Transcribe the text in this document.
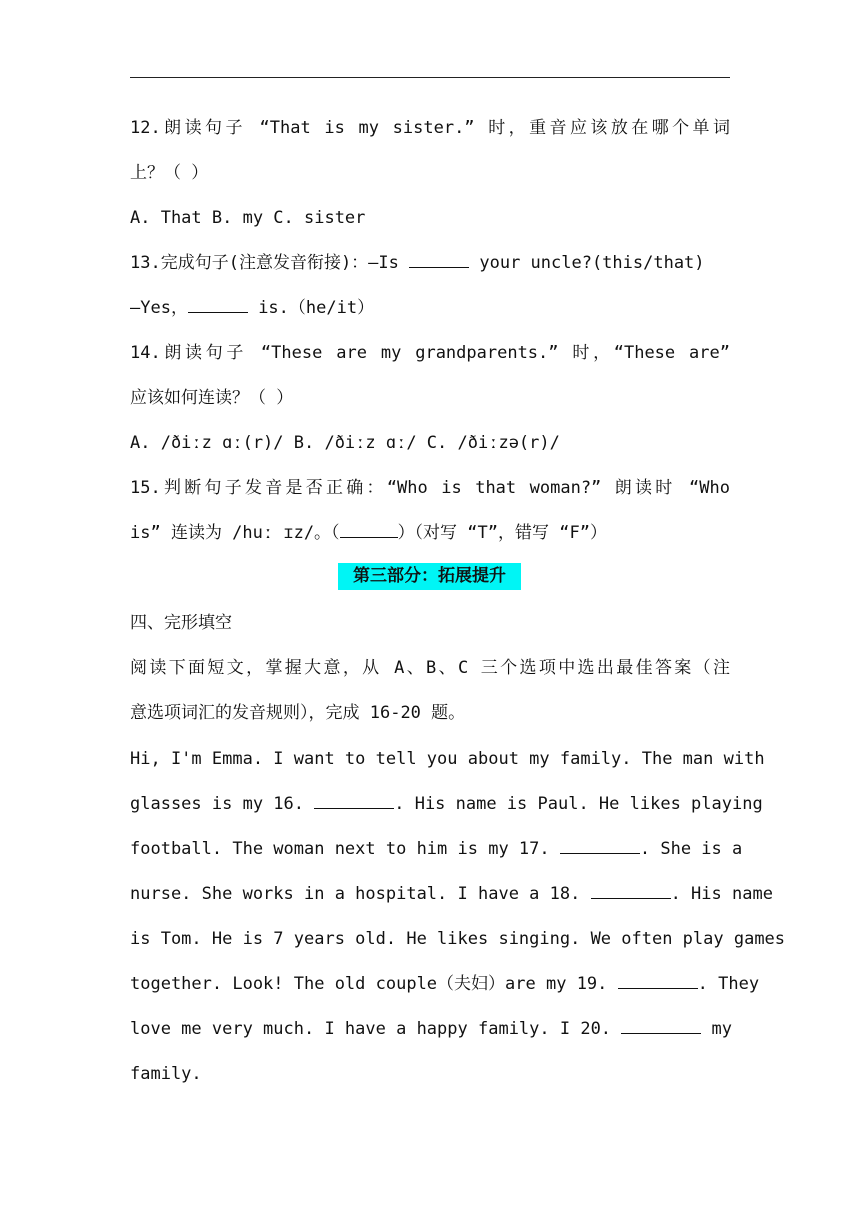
12.朗读句子 “That is my sister.” 时，重音应该放在哪个单词
上？（ ）
A. That B. my C. sister
13.完成句子(注意发音衔接)：—Is	your uncle?(this/that)
—Yes，	is.（he/it）
14.朗读句子 “These are my grandparents.” 时，“These are”
应该如何连读？（ ）
A. /ðiːz ɑː(r)/ B. /ðiːz ɑː/ C. /ðiːzə(r)/
15.判断句子发音是否正确：“Who is that woman?” 朗读时 “Who
is” 连读为 /huː ɪz/。（	）（对写 “T”，错写 “F”）
第三部分：拓展提升
四、完形填空
阅读下面短文，掌握大意，从 A、B、C 三个选项中选出最佳答案（注
意选项词汇的发音规则），完成 16-20 题。
Hi, I'm Emma. I want to tell you about my family. The man with
glasses is my 16.	. His name is Paul. He likes playing
football. The woman next to him is my 17.	. She is a
nurse. She works in a hospital. I have a 18.	. His name
is Tom. He is 7 years old. He likes singing. We often play games
together. Look! The old couple（夫妇）are my 19.	. They
love me very much. I have a happy family. I 20.	my
family.
